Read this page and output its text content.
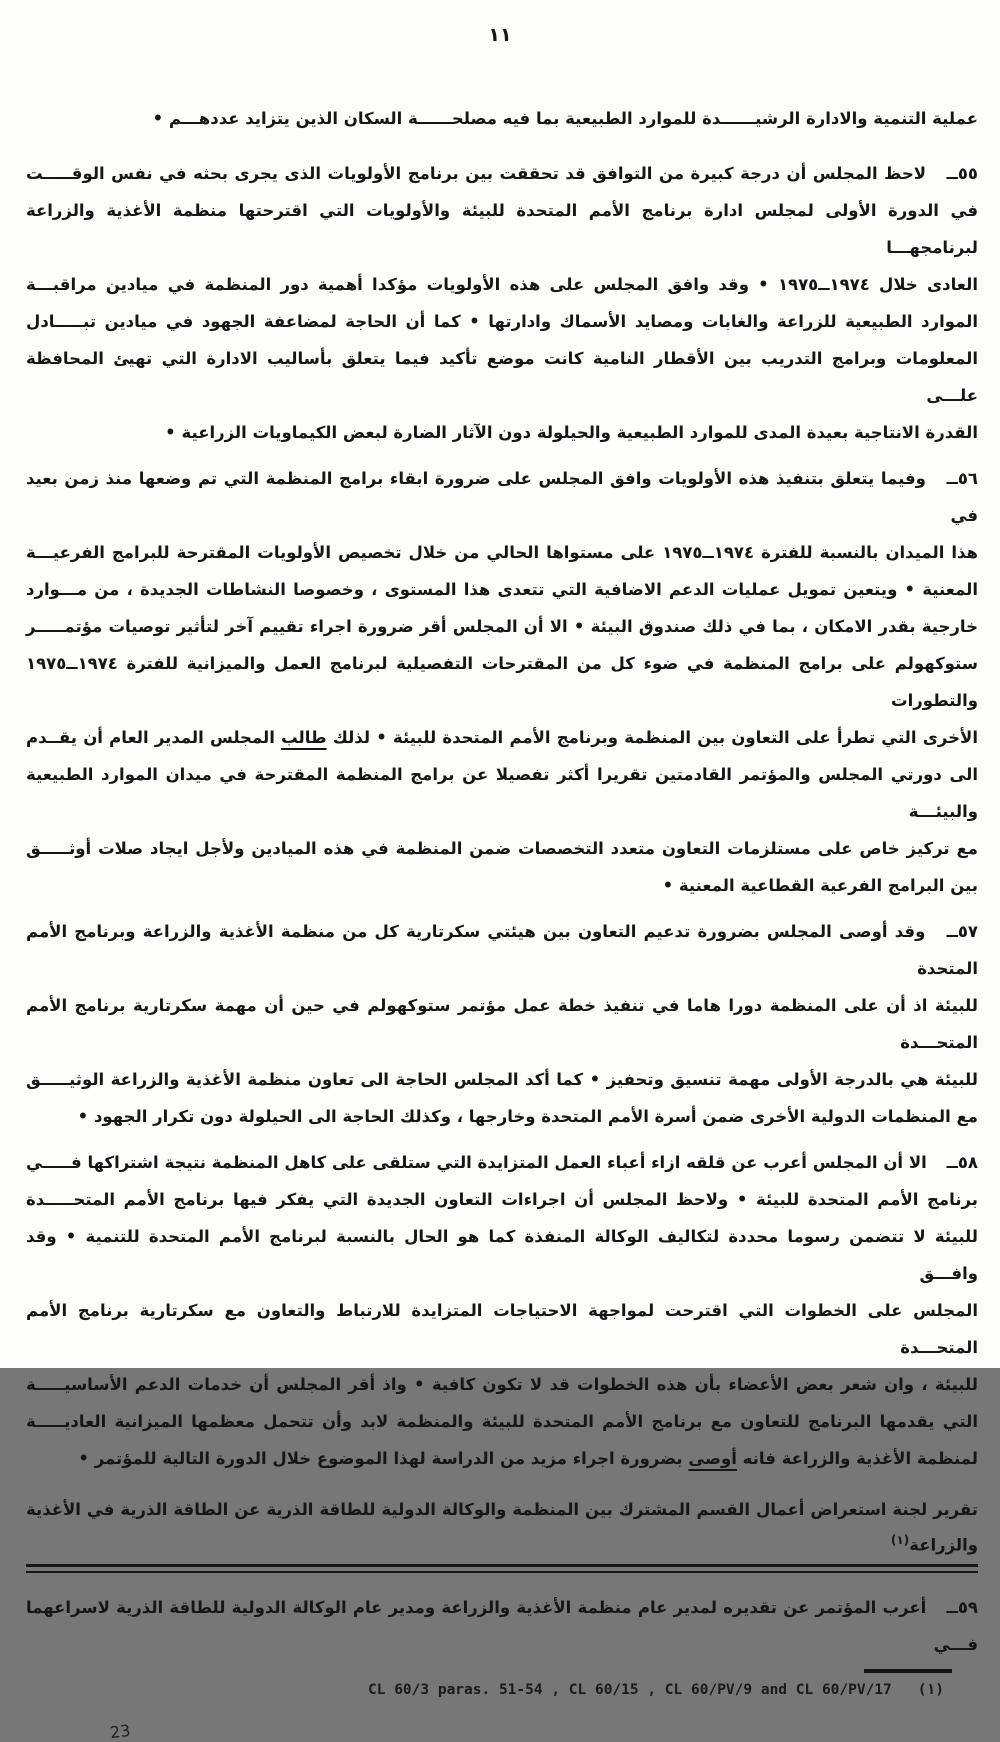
١١
عملية التنمية والادارة الرشيــــــدة للموارد الطبيعية بما فيه مصلحــــــة السكان الذين يتزايد عددهـــم •
٥٥ــ لاحظ المجلس أن درجة كبيرة من التوافق قد تحققت بين برنامج الأولويات الذى يجرى بحثه في نفس الوقـــــت
في الدورة الأولى لمجلس ادارة برنامج الأمم المتحدة للبيئة والأولويات التي اقترحتها منظمة الأغذية والزراعة لبرنامجهـــا
العادى خلال ١٩٧٤ــ١٩٧٥ • وقد وافق المجلس على هذه الأولويات مؤكدا أهمية دور المنظمة في ميادين مراقبـــة
الموارد الطبيعية للزراعة والغابات ومصايد الأسماك وادارتها • كما أن الحاجة لمضاعفة الجهود في ميادين تبـــــادل
المعلومات وبرامج التدريب بين الأقطار النامية كانت موضع تأكيد فيما يتعلق بأساليب الادارة التي تهيئ المحافظة علـــى
القدرة الانتاجية بعيدة المدى للموارد الطبيعية والحيلولة دون الآثار الضارة لبعض الكيماويات الزراعية •
٥٦ــ وفيما يتعلق بتنفيذ هذه الأولويات وافق المجلس على ضرورة ابقاء برامج المنظمة التي تم وضعها منذ زمن بعيد في
هذا الميدان بالنسبة للفترة ١٩٧٤ــ١٩٧٥ على مستواها الحالي من خلال تخصيص الأولويات المقترحة للبرامج الفرعيـــة
المعنية • ويتعين تمويل عمليات الدعم الاضافية التي تتعدى هذا المستوى ، وخصوصا النشاطات الجديدة ، من مـــوارد
خارجية بقدر الامكان ، بما في ذلك صندوق البيئة • الا أن المجلس أقر ضرورة اجراء تقييم آخر لتأثير توصيات مؤتمـــــر
ستوكهولم على برامج المنظمة في ضوء كل من المقترحات التفصيلية لبرنامج العمل والميزانية للفترة ١٩٧٤ــ١٩٧٥ والتطورات
الأخرى التي تطرأ على التعاون بين المنظمة وبرنامج الأمم المتحدة للبيئة • لذلك طالب المجلس المدير العام أن يقــدم
الى دورتي المجلس والمؤتمر القادمتين تقريرا أكثر تفصيلا عن برامج المنظمة المقترحة في ميدان الموارد الطبيعية والبيئـــة
مع تركيز خاص على مستلزمات التعاون متعدد التخصصات ضمن المنظمة في هذه الميادين ولأجل ايجاد صلات أوثـــــق
بين البرامج الفرعية القطاعية المعنية •
٥٧ــ وقد أوصى المجلس بضرورة تدعيم التعاون بين هيئتي سكرتارية كل من منظمة الأغذية والزراعة وبرنامج الأمم المتحدة
للبيئة اذ أن على المنظمة دورا هاما في تنفيذ خطة عمل مؤتمر ستوكهولم في حين أن مهمة سكرتارية برنامج الأمم المتحـــدة
للبيئة هي بالدرجة الأولى مهمة تنسيق وتحفيز • كما أكد المجلس الحاجة الى تعاون منظمة الأغذية والزراعة الوثيـــــق
مع المنظمات الدولية الأخرى ضمن أسرة الأمم المتحدة وخارجها ، وكذلك الحاجة الى الحيلولة دون تكرار الجهود •
٥٨ــ الا أن المجلس أعرب عن قلقه ازاء أعباء العمل المتزايدة التي ستلقى على كاهل المنظمة نتيجة اشتراكها فـــــي
برنامج الأمم المتحدة للبيئة • ولاحظ المجلس أن اجراءات التعاون الجديدة التي يفكر فيها برنامج الأمم المتحـــــدة
للبيئة لا تتضمن رسوما محددة لتكاليف الوكالة المنفذة كما هو الحال بالنسبة لبرنامج الأمم المتحدة للتنمية • وقد وافـــق
المجلس على الخطوات التي اقترحت لمواجهة الاحتياجات المتزايدة للارتباط والتعاون مع سكرتارية برنامج الأمم المتحـــدة
للبيئة ، وان شعر بعض الأعضاء بأن هذه الخطوات قد لا تكون كافية • واذ أقر المجلس أن خدمات الدعم الأساسيـــــة
التي يقدمها البرنامج للتعاون مع برنامج الأمم المتحدة للبيئة والمنظمة لابد وأن تتحمل معظمها الميزانية العاديـــــة
لمنظمة الأغذية والزراعة فانه أوصى بضرورة اجراء مزيد من الدراسة لهذا الموضوع خلال الدورة التالية للمؤتمر •
تقرير لجنة استعراض أعمال القسم المشترك بين المنظمة والوكالة الدولية للطاقة الذرية عن الطاقة الذرية في الأغذية والزراعة$^{(١)}$
٥٩ــ أعرب المؤتمر عن تقديره لمدير عام منظمة الأغذية والزراعة ومدير عام الوكالة الدولية للطاقة الذرية لاسراعهما فـــي
CL 60/3 paras. 51-54 , CL 60/15 , CL 60/PV/9 and CL 60/PV/17 (١)
23
